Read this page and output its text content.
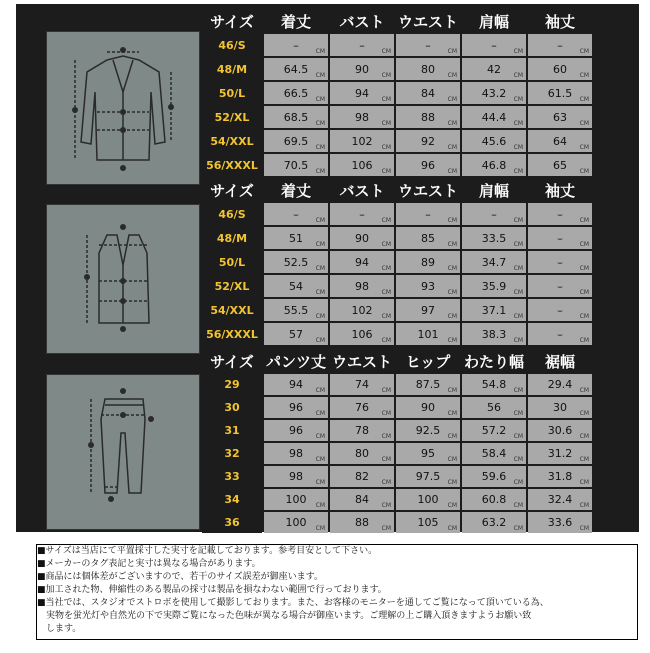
サイズ	着丈	バスト	ウエスト	肩幅	袖丈
46/S	– CM	– CM	– CM	– CM	– CM

48/M	64.5 CM	90 CM	80 CM	42 CM	60 CM

50/L	66.5 CM	94 CM	84 CM	43.2 CM	61.5 CM

52/XL	68.5 CM	98 CM	88 CM	44.4 CM	63 CM

54/XXL	69.5 CM	102 CM	92 CM	45.6 CM	64 CM

56/XXXL	70.5 CM	106 CM	96 CM	46.8 CM	65 CM
サイズ	着丈	バスト	ウエスト	肩幅	袖丈
46/S	– CM	– CM	– CM	– CM	– CM

48/M	51 CM	90 CM	85 CM	33.5 CM	– CM

50/L	52.5 CM	94 CM	89 CM	34.7 CM	– CM

52/XL	54 CM	98 CM	93 CM	35.9 CM	– CM

54/XXL	55.5 CM	102 CM	97 CM	37.1 CM	– CM

56/XXXL	57 CM	106 CM	101 CM	38.3 CM	– CM
サイズ	パンツ丈	ウエスト	ヒップ	わたり幅	裾幅
29	94 CM	74 CM	87.5 CM	54.8 CM	29.4 CM

30	96 CM	76 CM	90 CM	56 CM	30 CM

31	96 CM	78 CM	92.5 CM	57.2 CM	30.6 CM

32	98 CM	80 CM	95 CM	58.4 CM	31.2 CM

33	98 CM	82 CM	97.5 CM	59.6 CM	31.8 CM

34	100 CM	84 CM	100 CM	60.8 CM	32.4 CM

36	100 CM	88 CM	105 CM	63.2 CM	33.6 CM

■サイズは当店にて平置採寸した実寸を記載しております。参考目安として下さい。

■メーカーのタグ表記と実寸は異なる場合があります。

■商品には個体差がございますので、若干のサイズ誤差が御座います。

■加工された物、伸縮性のある製品の採寸は製品を損なわない範囲で行っております。

■当社では、スタジオでストロボを使用して撮影しております。また、お客様のモニターを通してご覧になって頂いている為、

　実物を蛍光灯や自然光の下で実際ご覧になった色味が異なる場合が御座います。ご理解の上ご購入頂きますようお願い致

　します。
